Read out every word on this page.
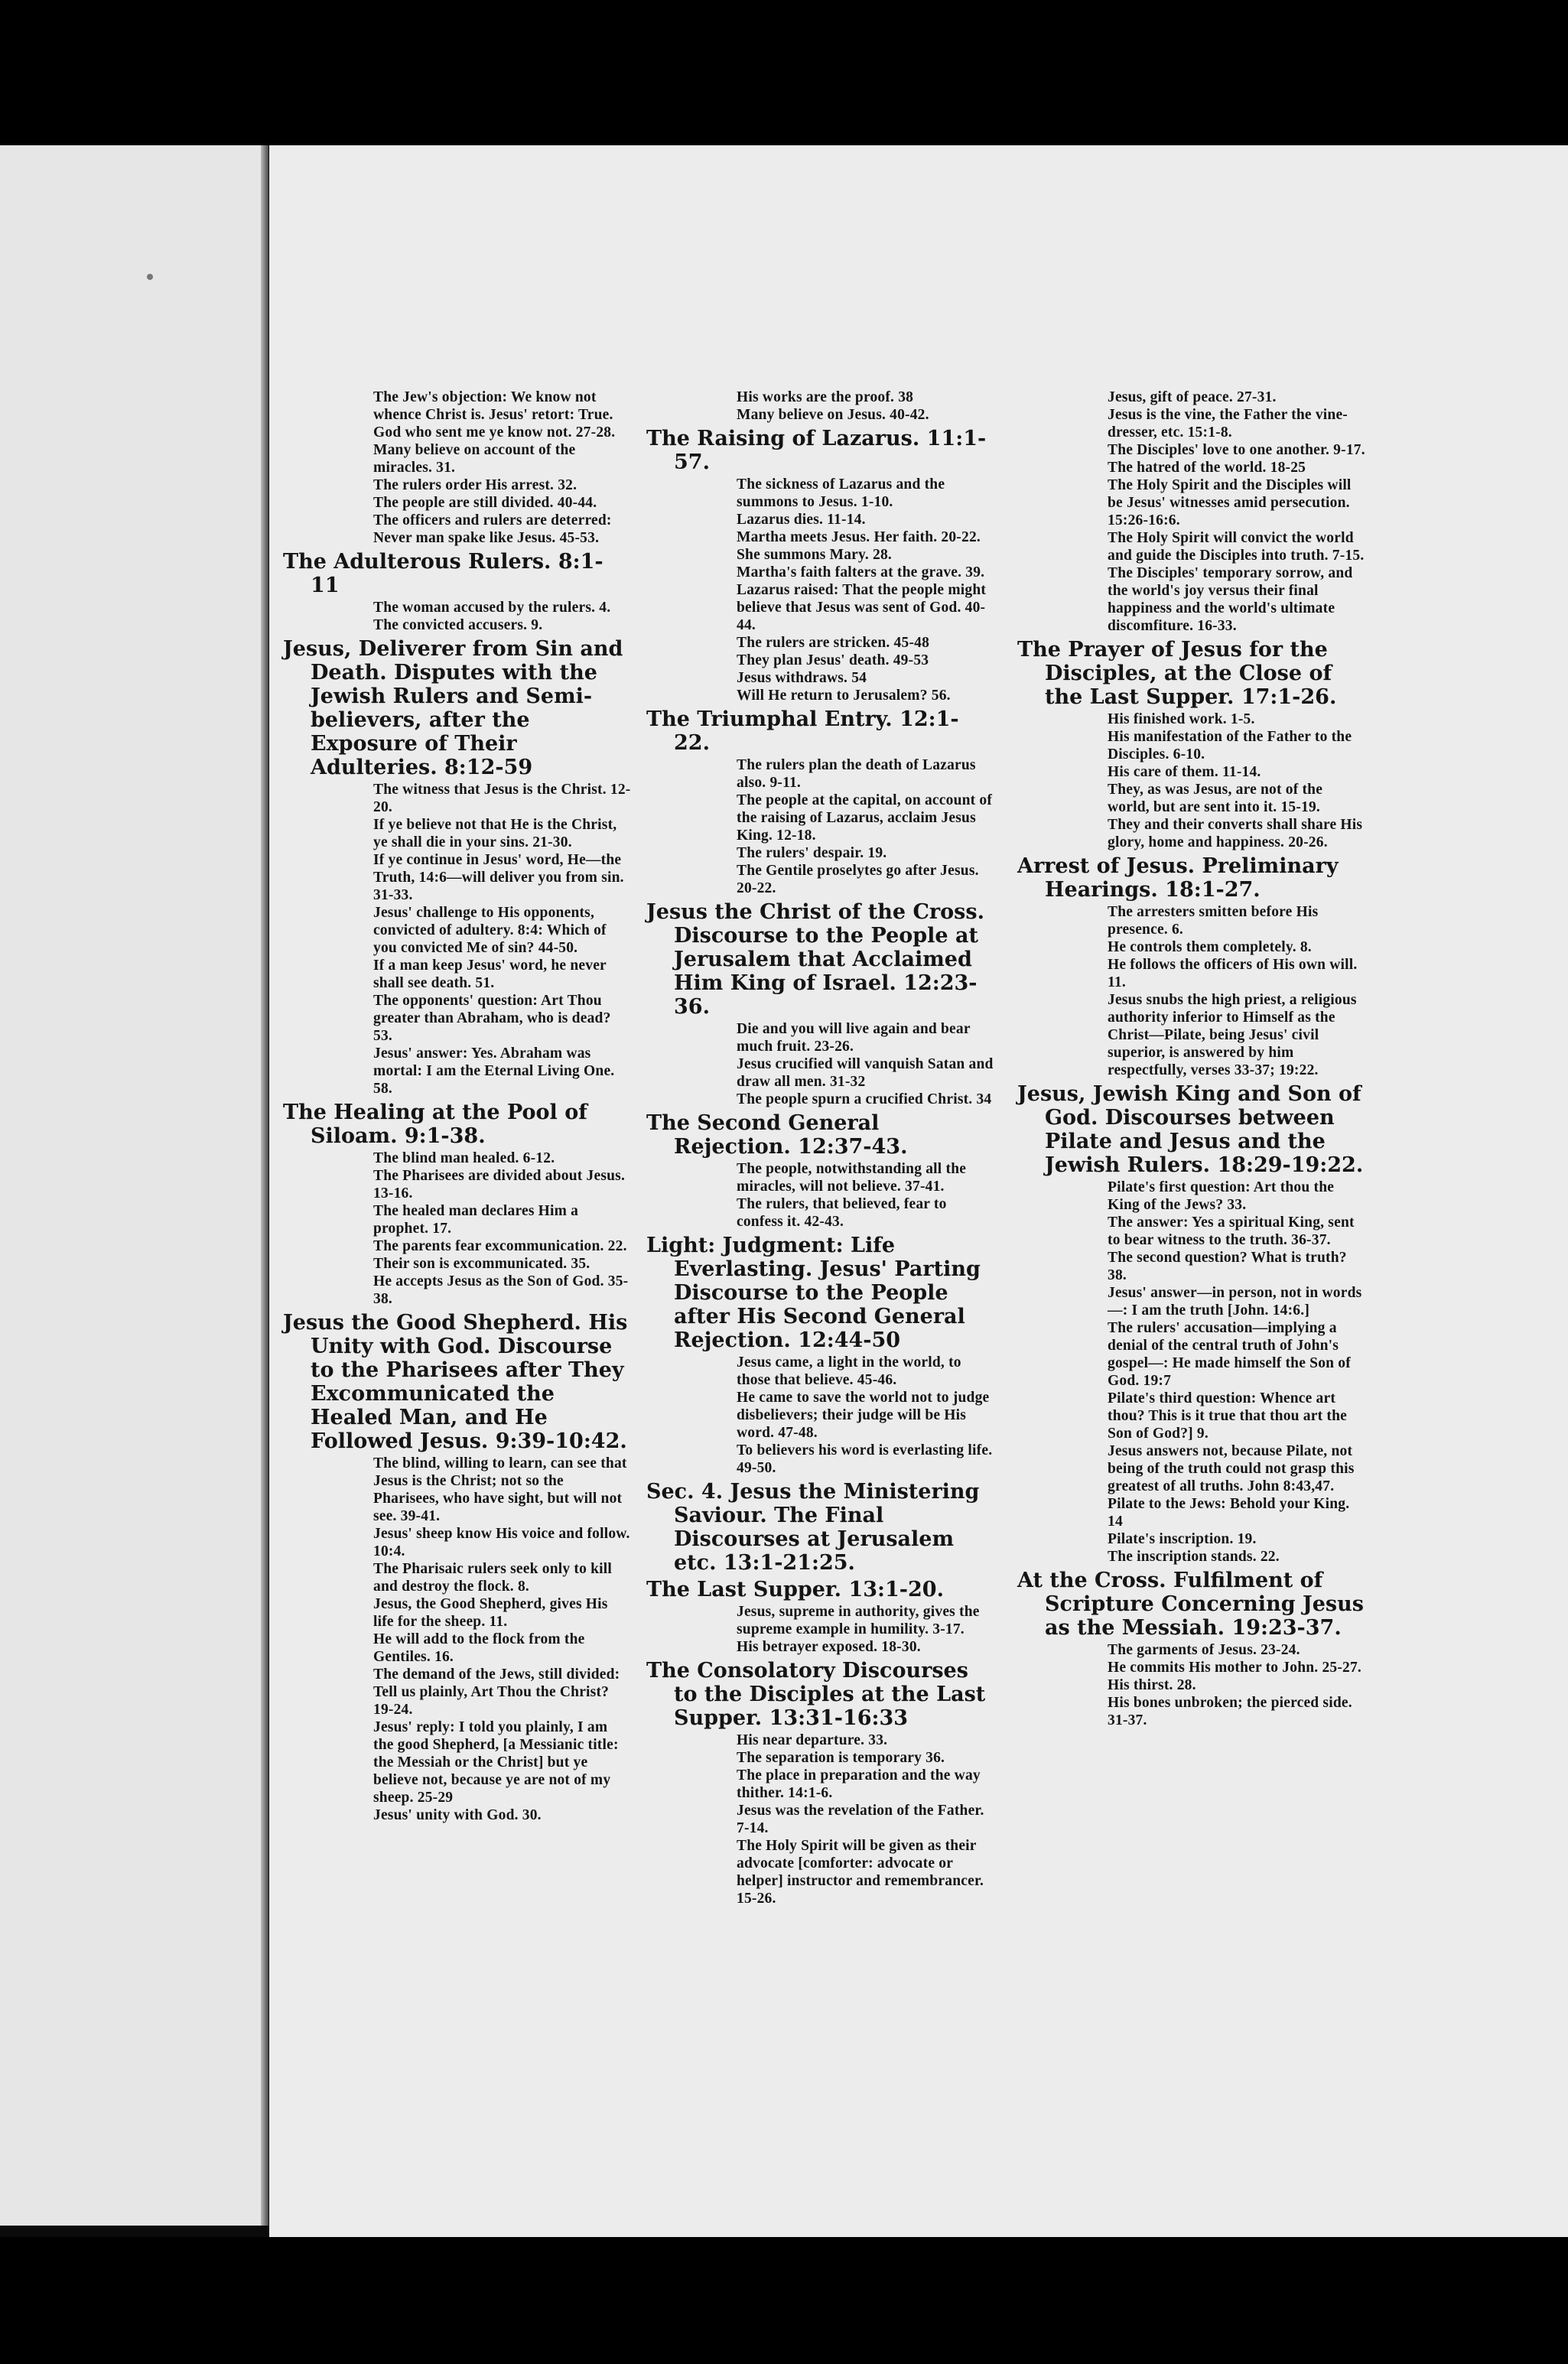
The Jew's objection: We know not whence Christ is. Jesus' retort: True. God who sent me ye know not. 27-28.

Many believe on account of the miracles. 31.

The rulers order His arrest. 32.

The people are still divided. 40-44.

The officers and rulers are deterred: Never man spake like Jesus. 45-53.

The Adulterous Rulers. 8:1-11

The woman accused by the rulers. 4.

The convicted accusers. 9.

Jesus, Deliverer from Sin and Death. Disputes with the Jewish Rulers and Semi-believers, after the Exposure of Their Adulteries. 8:12-59

The witness that Jesus is the Christ. 12-20.

If ye believe not that He is the Christ, ye shall die in your sins. 21-30.

If ye continue in Jesus' word, He—the Truth, 14:6—will deliver you from sin. 31-33.

Jesus' challenge to His opponents, convicted of adultery. 8:4: Which of you convicted Me of sin? 44-50.

If a man keep Jesus' word, he never shall see death. 51.

The opponents' question: Art Thou greater than Abraham, who is dead? 53.

Jesus' answer: Yes. Abraham was mortal: I am the Eternal Living One. 58.

The Healing at the Pool of Siloam. 9:1-38.

The blind man healed. 6-12.

The Pharisees are divided about Jesus. 13-16.

The healed man declares Him a prophet. 17.

The parents fear excommunication. 22.

Their son is excommunicated. 35.

He accepts Jesus as the Son of God. 35-38.

Jesus the Good Shepherd. His Unity with God. Discourse to the Pharisees after They Excommunicated the Healed Man, and He Followed Jesus. 9:39-10:42.

The blind, willing to learn, can see that Jesus is the Christ; not so the Pharisees, who have sight, but will not see. 39-41.

Jesus' sheep know His voice and follow. 10:4.

The Pharisaic rulers seek only to kill and destroy the flock. 8.

Jesus, the Good Shepherd, gives His life for the sheep. 11.

He will add to the flock from the Gentiles. 16.

The demand of the Jews, still divided: Tell us plainly, Art Thou the Christ? 19-24.

Jesus' reply: I told you plainly, I am the good Shepherd, [a Messianic title: the Messiah or the Christ] but ye believe not, because ye are not of my sheep. 25-29

Jesus' unity with God. 30.

His works are the proof. 38

Many believe on Jesus. 40-42.

The Raising of Lazarus. 11:1-57.

The sickness of Lazarus and the summons to Jesus. 1-10.

Lazarus dies. 11-14.

Martha meets Jesus. Her faith. 20-22.

She summons Mary. 28.

Martha's faith falters at the grave. 39.

Lazarus raised: That the people might believe that Jesus was sent of God. 40-44.

The rulers are stricken. 45-48

They plan Jesus' death. 49-53

Jesus withdraws. 54

Will He return to Jerusalem? 56.

The Triumphal Entry. 12:1-22.

The rulers plan the death of Lazarus also. 9-11.

The people at the capital, on account of the raising of Lazarus, acclaim Jesus King. 12-18.

The rulers' despair. 19.

The Gentile proselytes go after Jesus. 20-22.

Jesus the Christ of the Cross. Discourse to the People at Jerusalem that Acclaimed Him King of Israel. 12:23-36.

Die and you will live again and bear much fruit. 23-26.

Jesus crucified will vanquish Satan and draw all men. 31-32

The people spurn a crucified Christ. 34

The Second General Rejection. 12:37-43.

The people, notwithstanding all the miracles, will not believe. 37-41.

The rulers, that believed, fear to confess it. 42-43.

Light: Judgment: Life Everlasting. Jesus' Parting Discourse to the People after His Second General Rejection. 12:44-50

Jesus came, a light in the world, to those that believe. 45-46.

He came to save the world not to judge disbelievers; their judge will be His word. 47-48.

To believers his word is everlasting life. 49-50.

Sec. 4. Jesus the Ministering Saviour. The Final Discourses at Jerusalem etc. 13:1-21:25.

The Last Supper. 13:1-20.

Jesus, supreme in authority, gives the supreme example in humility. 3-17.

His betrayer exposed. 18-30.

The Consolatory Discourses to the Disciples at the Last Supper. 13:31-16:33

His near departure. 33.

The separation is temporary 36.

The place in preparation and the way thither. 14:1-6.

Jesus was the revelation of the Father. 7-14.

The Holy Spirit will be given as their advocate [comforter: advocate or helper] instructor and remembrancer. 15-26.

Jesus, gift of peace. 27-31.

Jesus is the vine, the Father the vine-dresser, etc. 15:1-8.

The Disciples' love to one another. 9-17.

The hatred of the world. 18-25

The Holy Spirit and the Disciples will be Jesus' witnesses amid persecution. 15:26-16:6.

The Holy Spirit will convict the world and guide the Disciples into truth. 7-15.

The Disciples' temporary sorrow, and the world's joy versus their final happiness and the world's ultimate discomfiture. 16-33.

The Prayer of Jesus for the Disciples, at the Close of the Last Supper. 17:1-26.

His finished work. 1-5.

His manifestation of the Father to the Disciples. 6-10.

His care of them. 11-14.

They, as was Jesus, are not of the world, but are sent into it. 15-19.

They and their converts shall share His glory, home and happiness. 20-26.

Arrest of Jesus. Preliminary Hearings. 18:1-27.

The arresters smitten before His presence. 6.

He controls them completely. 8.

He follows the officers of His own will. 11.

Jesus snubs the high priest, a religious authority inferior to Himself as the Christ—Pilate, being Jesus' civil superior, is answered by him respectfully, verses 33-37; 19:22.

Jesus, Jewish King and Son of God. Discourses between Pilate and Jesus and the Jewish Rulers. 18:29-19:22.

Pilate's first question: Art thou the King of the Jews? 33.

The answer: Yes a spiritual King, sent to bear witness to the truth. 36-37.

The second question? What is truth? 38.

Jesus' answer—in person, not in words—: I am the truth [John. 14:6.]

The rulers' accusation—implying a denial of the central truth of John's gospel—: He made himself the Son of God. 19:7

Pilate's third question: Whence art thou? This is it true that thou art the Son of God?] 9.

Jesus answers not, because Pilate, not being of the truth could not grasp this greatest of all truths. John 8:43,47.

Pilate to the Jews: Behold your King. 14

Pilate's inscription. 19.

The inscription stands. 22.

At the Cross. Fulfilment of Scripture Concerning Jesus as the Messiah. 19:23-37.

The garments of Jesus. 23-24.

He commits His mother to John. 25-27.

His thirst. 28.

His bones unbroken; the pierced side. 31-37.
